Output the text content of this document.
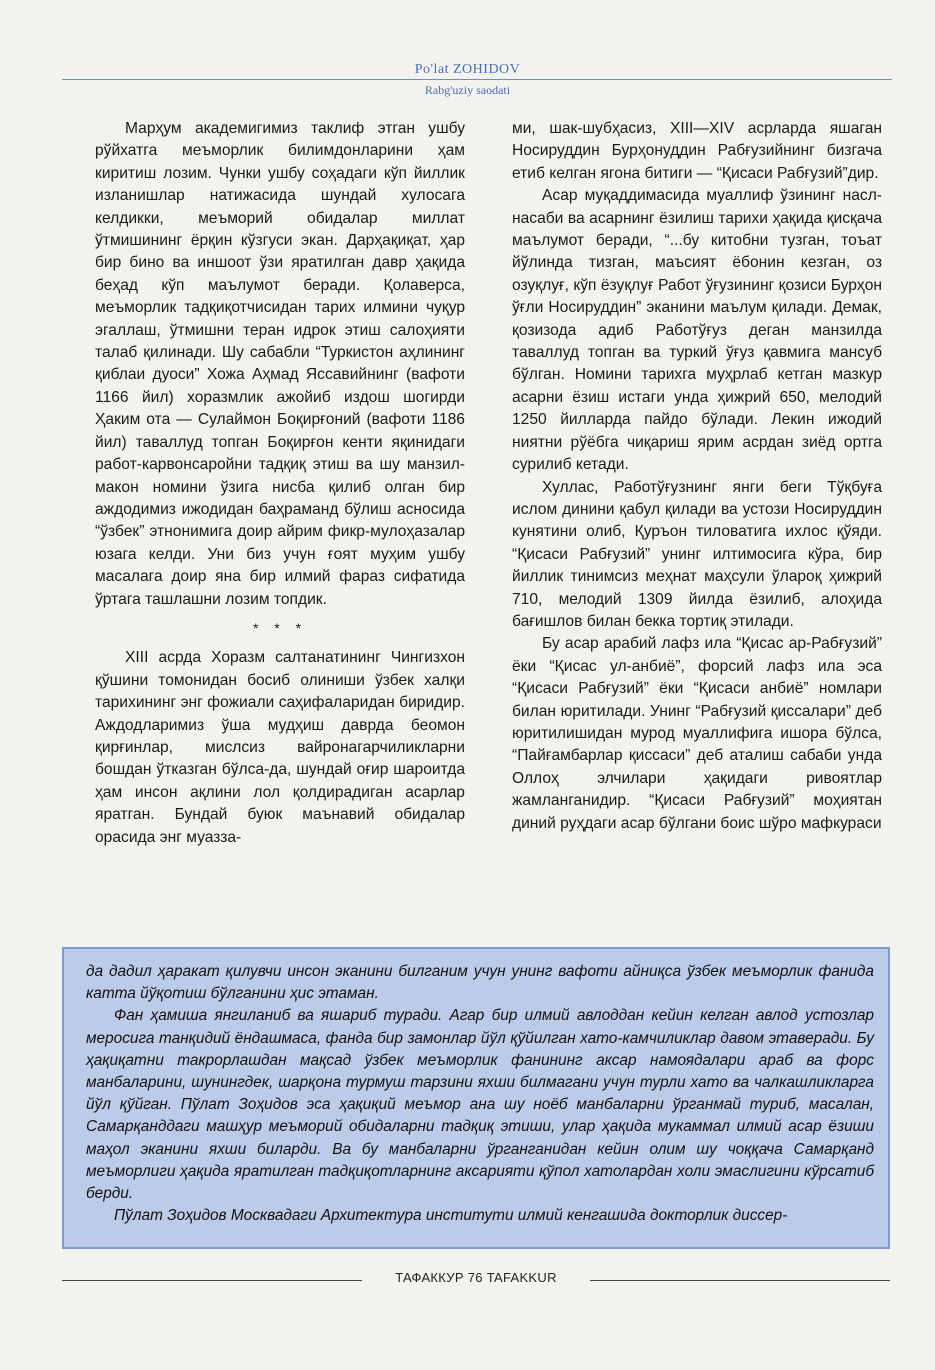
Po'lat ZOHIDOV
Rabg'uziy saodati

Марҳум академигимиз таклиф этган ушбу рўйхатга меъморлик билимдонларини ҳам киритиш лозим. Чунки ушбу соҳадаги кўп йиллик изланишлар натижасида шундай хулосага келдикки, меъморий обидалар миллат ўтмишининг ёрқин кўзгуси экан. Дарҳақиқат, ҳар бир бино ва иншоот ўзи яратилган давр ҳақида беҳад кўп маълумот беради. Қолаверса, меъморлик тадқиқотчисидан тарих илмини чуқур эгаллаш, ўтмишни теран идрок этиш салоҳияти талаб қилинади. Шу сабабли “Туркистон аҳлининг қиблаи дуоси” Хожа Аҳмад Яссавийнинг (вафоти 1166 йил) хоразмлик ажойиб издош шогирди Ҳаким ота — Сулаймон Боқирғоний (вафоти 1186 йил) таваллуд топган Боқирғон кенти яқинидаги работ-карвонсаройни тадқиқ этиш ва шу манзил-макон номини ўзига нисба қилиб олган бир аждодимиз ижодидан баҳраманд бўлиш асносида “ўзбек” этнонимига доир айрим фикр-мулоҳазалар юзага келди. Уни биз учун ғоят муҳим ушбу масалага доир яна бир илмий фараз сифатида ўртага ташлашни лозим топдик.

* * *

XIII асрда Хоразм салтанатининг Чингизхон қўшини томонидан босиб олиниши ўзбек халқи тарихининг энг фожиали саҳифаларидан биридир. Аждодларимиз ўша мудҳиш даврда беомон қирғинлар, мислсиз вайронагарчиликларни бошдан ўтказган бўлса-да, шундай оғир шароитда ҳам инсон ақлини лол қолдирадиган асарлар яратган. Бундай буюк маънавий обидалар орасида энг муазза-

ми, шак-шубҳасиз, XIII—XIV асрларда яшаган Носируддин Бурҳонуддин Рабғузийнинг бизгача етиб келган ягона битиги — “Қисаси Рабғузий”дир.

Асар муқаддимасида муаллиф ўзининг насл-насаби ва асарнинг ёзилиш тарихи ҳақида қисқача маълумот беради, “...бу китобни тузган, тоъат йўлинда тизган, маъсият ёбонин кезган, оз озуқлуғ, кўп ёзуқлуғ Работ ўғузининг қозиси Бурҳон ўғли Носируддин” эканини маълум қилади. Демак, қозизода адиб Работўғуз деган манзилда таваллуд топган ва туркий ўғуз қавмига мансуб бўлган. Номини тарихга муҳрлаб кетган мазкур асарни ёзиш истаги унда ҳижрий 650, мелодий 1250 йилларда пайдо бўлади. Лекин ижодий ниятни рўёбга чиқариш ярим асрдан зиёд ортга сурилиб кетади.

Хуллас, Работўғузнинг янги беги Тўқбуға ислом динини қабул қилади ва устози Носируддин кунятини олиб, Қуръон тиловатига ихлос қўяди. “Қисаси Рабғузий” унинг илтимосига кўра, бир йиллик тинимсиз меҳнат маҳсули ўлароқ ҳижрий 710, мелодий 1309 йилда ёзилиб, алоҳида бағишлов билан бекка тортиқ этилади.

Бу асар арабий лафз ила “Қисас ар-Рабғузий” ёки “Қисас ул-анбиё”, форсий лафз ила эса “Қисаси Рабғузий” ёки “Қисаси анбиё” номлари билан юритилади. Унинг “Рабғузий қиссалари” деб юритилишидан мурод муаллифига ишора бўлса, “Пайғамбарлар қиссаси” деб аталиш сабаби унда Оллоҳ элчилари ҳақидаги ривоятлар жамланганидир. “Қисаси Рабғузий” моҳиятан диний руҳдаги асар бўлгани боис шўро мафкураси

да дадил ҳаракат қилувчи инсон эканини билганим учун унинг вафоти айниқса ўзбек меъморлик фанида катта йўқотиш бўлганини ҳис этаман.

Фан ҳамиша янгиланиб ва яшариб туради. Агар бир илмий авлоддан кейин келган авлод устозлар меросига танқидий ёндашмаса, фанда бир замонлар йўл қўйилган хато-камчиликлар давом этаверади. Бу ҳақиқатни такрорлашдан мақсад ўзбек меъморлик фанининг аксар намоядалари араб ва форс манбаларини, шунингдек, шарқона турмуш тарзини яхши билмагани учун турли хато ва чалкашликларга йўл қўйган. Пўлат Зоҳидов эса ҳақиқий меъмор ана шу ноёб манбаларни ўрганмай туриб, масалан, Самарқанддаги машҳур меъморий обидаларни тадқиқ этиши, улар ҳақида мукаммал илмий асар ёзиши маҳол эканини яхши биларди. Ва бу манбаларни ўрганганидан кейин олим шу чоққача Самарқанд меъморлиги ҳақида яратилган тадқиқотларнинг аксарияти қўпол хатолардан холи эмаслигини кўрсатиб берди.

Пўлат Зоҳидов Москвадаги Архитектура институти илмий кенгашида докторлик диссер-

ТАФАККУР 76 TAFAKKUR
